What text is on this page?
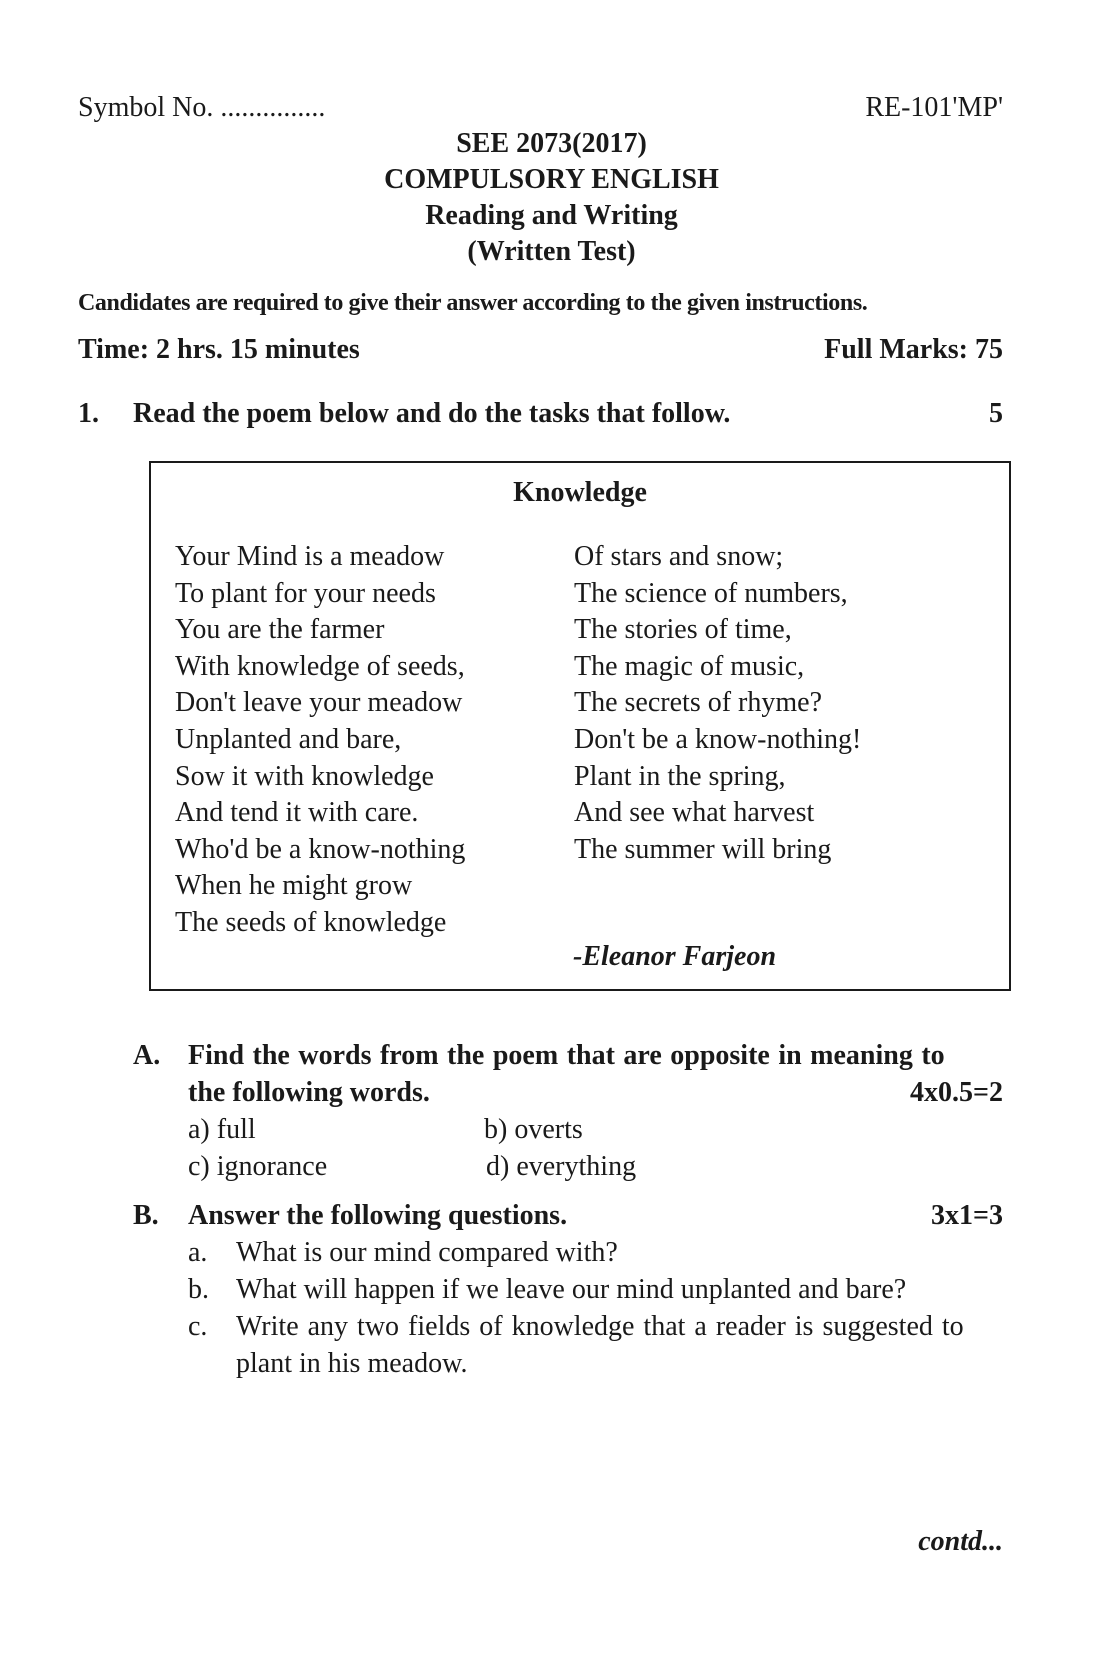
Symbol No. ...............	RE-101'MP'
SEE 2073(2017)
COMPULSORY ENGLISH
Reading and Writing
(Written Test)
Candidates are required to give their answer according to the given instructions.
Time: 2 hrs. 15 minutes	Full Marks: 75
1. Read the poem below and do the tasks that follow.	5
Knowledge
Your Mind is a meadow
To plant for your needs
You are the farmer
With knowledge of seeds,
Don't leave your meadow
Unplanted and bare,
Sow it with knowledge
And tend it with care.
Who'd be a know-nothing
When he might grow
The seeds of knowledge
Of stars and snow;
The science of numbers,
The stories of time,
The magic of music,
The secrets of rhyme?
Don't be a know-nothing!
Plant in the spring,
And see what harvest
The summer will bring
-Eleanor Farjeon
A. Find the words from the poem that are opposite in meaning to
the following words.	4x0.5=2
a) full	b) overts
c) ignorance	d) everything
B. Answer the following questions.	3x1=3
a. What is our mind compared with?
b. What will happen if we leave our mind unplanted and bare?
c. Write any two fields of knowledge that a reader is suggested to
plant in his meadow.
contd...
